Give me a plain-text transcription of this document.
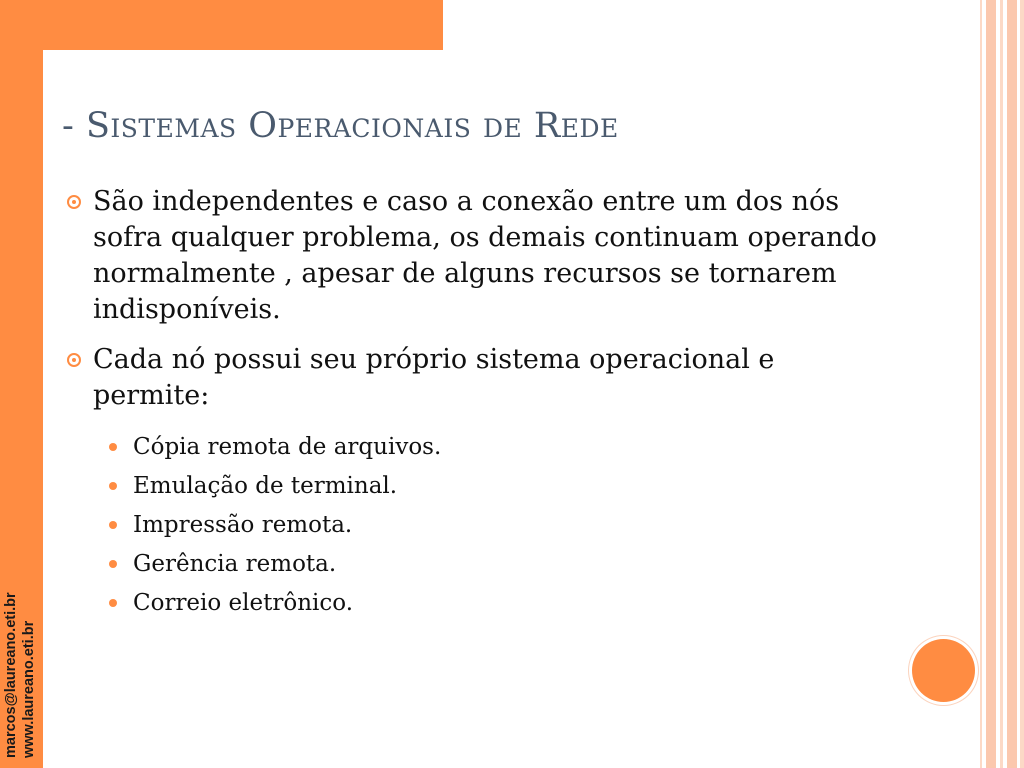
marcos@laureano.eti.br www.laureano.eti.br
- Sistemas Operacionais de Rede
São independentes e caso a conexão entre um dos nós sofra qualquer problema, os demais continuam operando normalmente , apesar de alguns recursos se tornarem indisponíveis.
Cada nó possui seu próprio sistema operacional e permite:
Cópia remota de arquivos.
Emulação de terminal.
Impressão remota.
Gerência remota.
Correio eletrônico.
